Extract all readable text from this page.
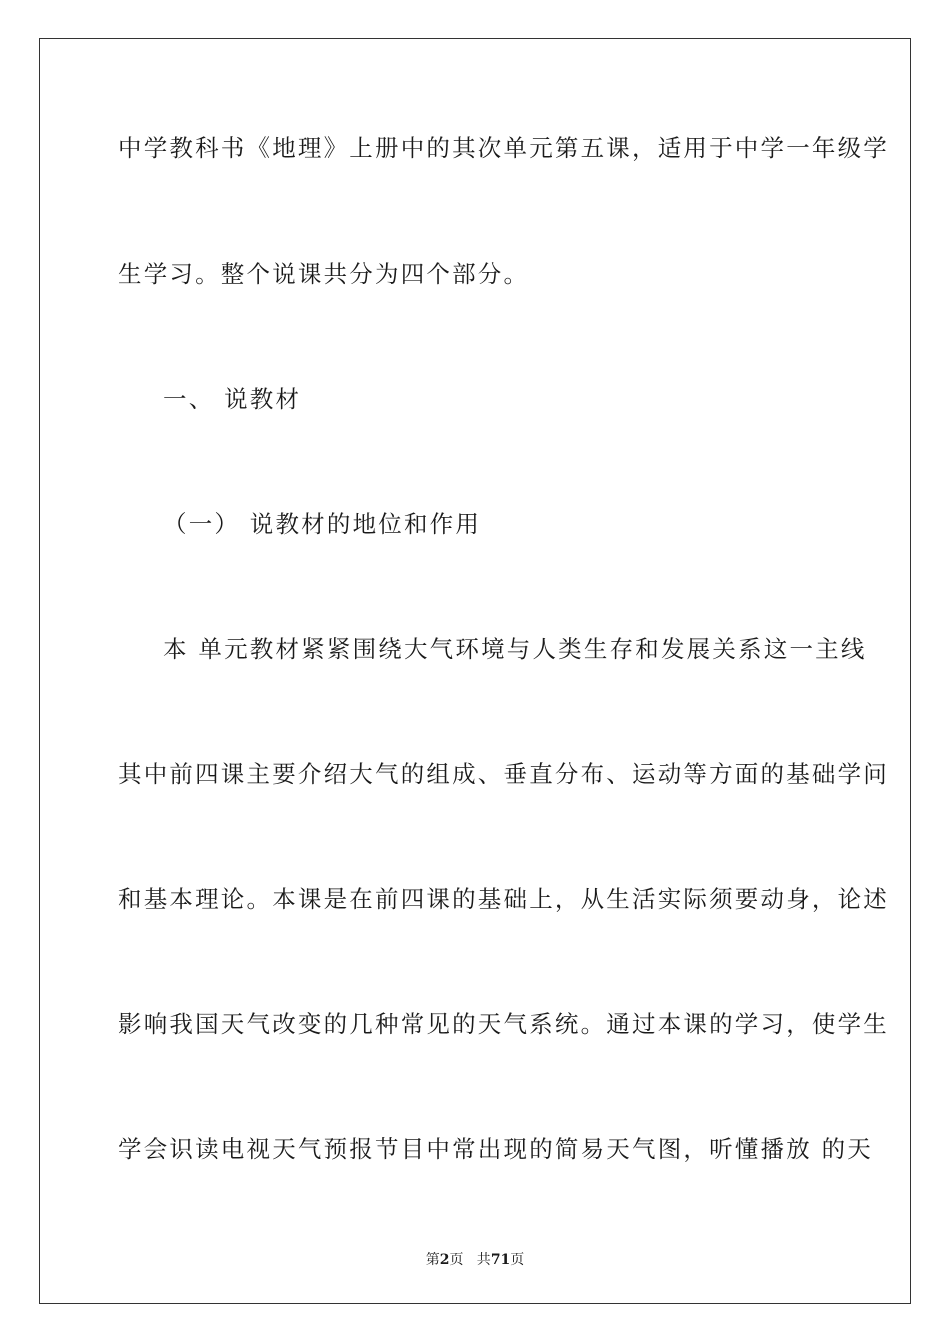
中学教科书《地理》上册中的其次单元第五课，适用于中学一年级学
生学习。整个说课共分为四个部分。
一、 说教材
（一） 说教材的地位和作用
本 单元教材紧紧围绕大气环境与人类生存和发展关系这一主线
其中前四课主要介绍大气的组成、垂直分布、运动等方面的基础学问
和基本理论。本课是在前四课的基础上，从生活实际须要动身，论述
影响我国天气改变的几种常见的天气系统。通过本课的学习，使学生
学会识读电视天气预报节目中常出现的简易天气图，听懂播放 的天
第2页   共71页
